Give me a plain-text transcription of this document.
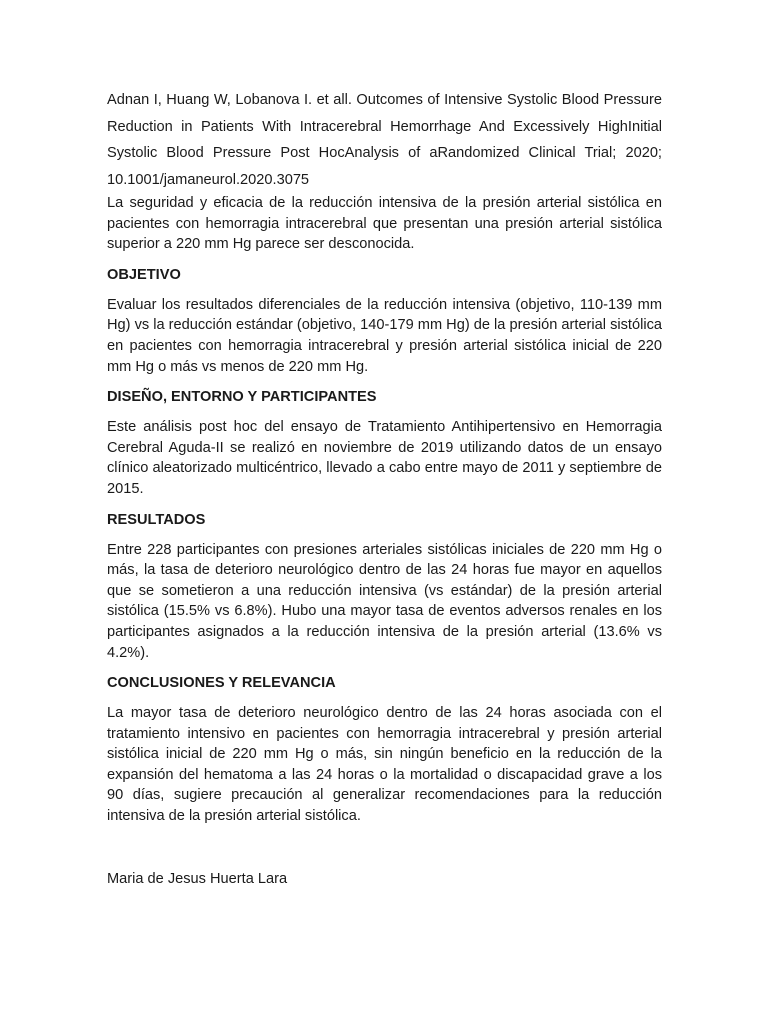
Adnan I, Huang W, Lobanova I. et all. Outcomes of Intensive Systolic Blood Pressure Reduction in Patients With Intracerebral Hemorrhage And Excessively HighInitial Systolic Blood Pressure Post HocAnalysis of aRandomized Clinical Trial; 2020; 10.1001/jamaneurol.2020.3075

La seguridad y eficacia de la reducción intensiva de la presión arterial sistólica en pacientes con hemorragia intracerebral que presentan una presión arterial sistólica superior a 220 mm Hg parece ser desconocida.

OBJETIVO

Evaluar los resultados diferenciales de la reducción intensiva (objetivo, 110-139 mm Hg) vs la reducción estándar (objetivo, 140-179 mm Hg) de la presión arterial sistólica en pacientes con hemorragia intracerebral y presión arterial sistólica inicial de 220 mm Hg o más vs menos de 220 mm Hg.

DISEÑO, ENTORNO Y PARTICIPANTES

Este análisis post hoc del ensayo de Tratamiento Antihipertensivo en Hemorragia Cerebral Aguda-II se realizó en noviembre de 2019 utilizando datos de un ensayo clínico aleatorizado multicéntrico, llevado a cabo entre mayo de 2011 y septiembre de 2015.

RESULTADOS

Entre 228 participantes con presiones arteriales sistólicas iniciales de 220 mm Hg o más, la tasa de deterioro neurológico dentro de las 24 horas fue mayor en aquellos que se sometieron a una reducción intensiva (vs estándar) de la presión arterial sistólica (15.5% vs 6.8%). Hubo una mayor tasa de eventos adversos renales en los participantes asignados a la reducción intensiva de la presión arterial (13.6% vs 4.2%).

CONCLUSIONES Y RELEVANCIA

La mayor tasa de deterioro neurológico dentro de las 24 horas asociada con el tratamiento intensivo en pacientes con hemorragia intracerebral y presión arterial sistólica inicial de 220 mm Hg o más, sin ningún beneficio en la reducción de la expansión del hematoma a las 24 horas o la mortalidad o discapacidad grave a los 90 días, sugiere precaución al generalizar recomendaciones para la reducción intensiva de la presión arterial sistólica.

Maria de Jesus Huerta Lara
